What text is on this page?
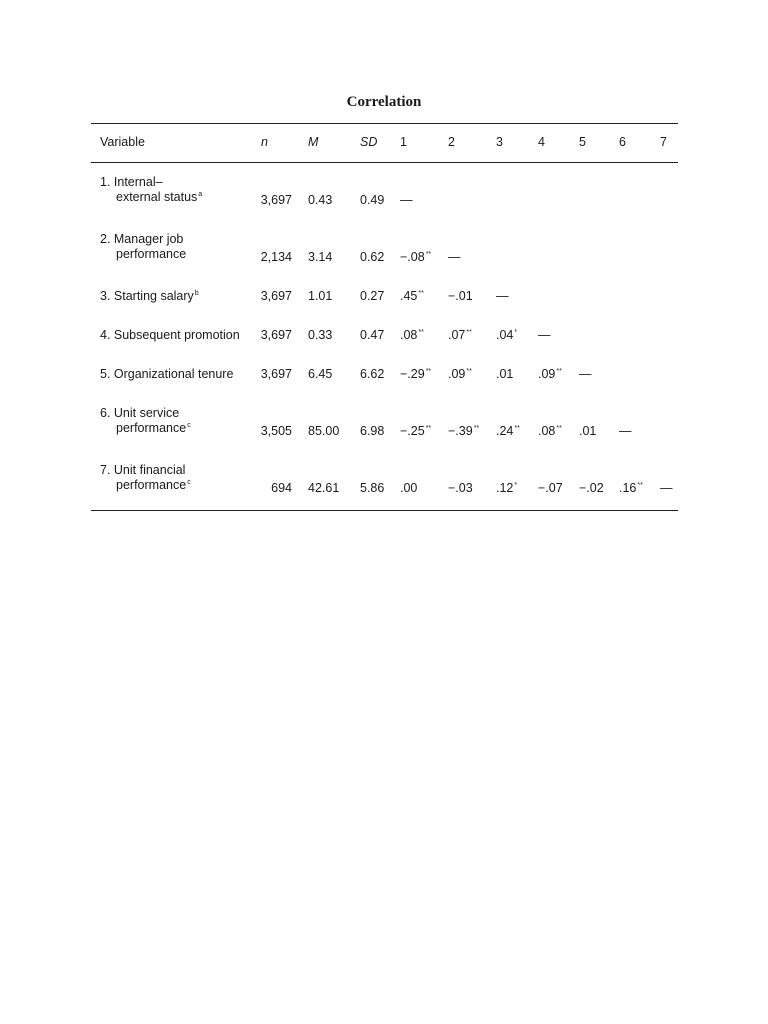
Correlation
Variable	n	M	SD 1	2	3	4	5	6	7
1. Internal–
external status$^a$	3,697 0.43 0.49 —
2. Manager job
performance	2,134 3.14 0.62 −.08** —
3. Starting salary$^b$	3,697 1.01 0.27 .45** −.01 —
4. Subsequent promotion	3,697 0.33 0.47 .08** .07** .04* —
5. Organizational tenure	3,697 6.45 6.62 −.29** .09** .01 .09** —
6. Unit service
performance$^c$	3,505 85.00 6.98 −.25** −.39** .24** .08** .01 —
7. Unit financial
performance$^c$	694 42.61 5.86 .00 −.03 .12* −.07 −.02 .16** —
